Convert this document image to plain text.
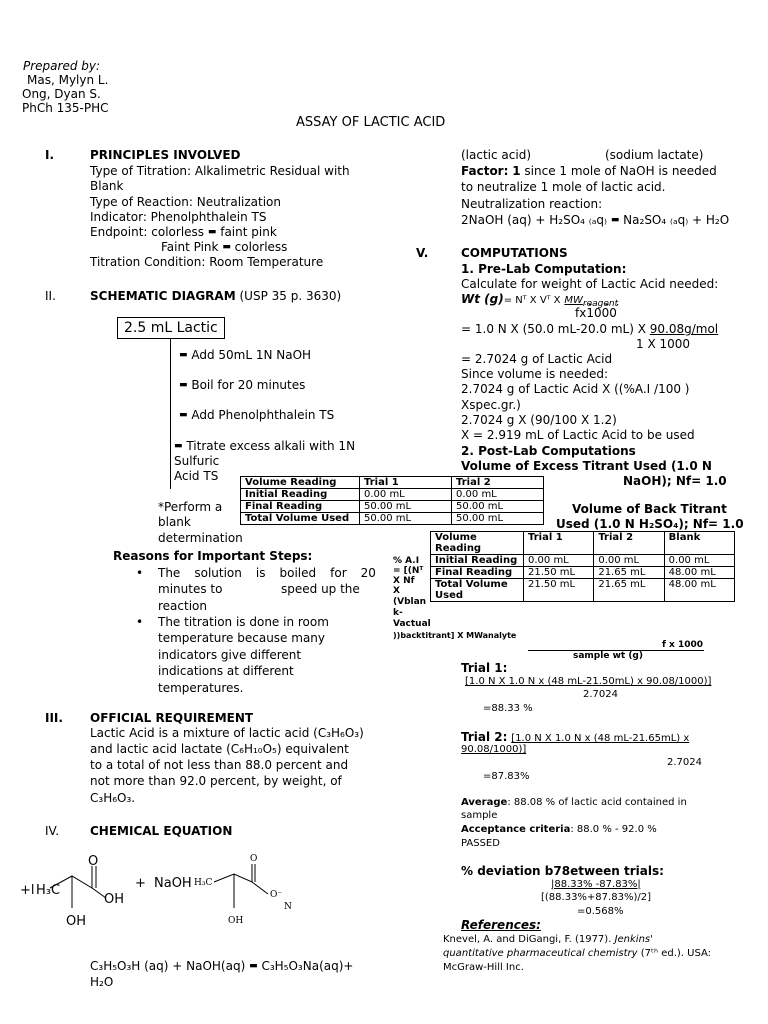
Prepared by:
Mas, Mylyn L.
Ong, Dyan S.
PhCh 135-PHC
ASSAY OF LACTIC ACID
I.	PRINCIPLES INVOLVED
Type of Titration: Alkalimetric Residual with
Blank
Type of Reaction: Neutralization
Indicator: Phenolphthalein TS
Endpoint: colorless ▬ faint pink
Faint Pink ▬ colorless
Titration Condition: Room Temperature
II.	SCHEMATIC DIAGRAM (USP 35 p. 3630)
2.5 mL Lactic
▬ Add 50mL 1N NaOH
▬ Boil for 20 minutes
▬ Add Phenolphthalein TS
▬ Titrate excess alkali with 1N
Sulfuric
Acid TS
*Perform a
blank
determination
Volume Reading	Trial 1	Trial 2
Initial Reading	0.00 mL	0.00 mL
Final Reading	50.00 mL	50.00 mL
Total Volume Used	50.00 mL	50.00 mL
Reasons for Important Steps:
• The solution is boiled for 20
minutes to	speed up the
reaction
• The titration is done in room
temperature because many
indicators give different
indications at different
temperatures.
III. OFFICIAL REQUIREMENT
Lactic Acid is a mixture of lactic acid (C₃H₆O₃)
and lactic acid lactate (C₆H₁₀O₅) equivalent
to a total of not less than 88.0 percent and
not more than 92.0 percent, by weight, of
C₃H₆O₃.
IV.	CHEMICAL EQUATION
+l H₃C
O
OH
OH
+ NaOH H₃C
O
O⁻
N
OH
C₃H₅O₃H (aq) + NaOH(aq) ▬ C₃H₅O₃Na(aq)+
H₂O
(lactic acid)	(sodium lactate)
Factor: 1 since 1 mole of NaOH is needed
to neutralize 1 mole of lactic acid.
Neutralization reaction:
2NaOH (aq) + H₂SO₄ ₍ₐq₎ ▬ Na₂SO₄ ₍ₐq₎ + H₂O
V.	COMPUTATIONS
1. Pre-Lab Computation:
Calculate for weight of Lactic Acid needed:
Wt (g)= Nᵀ X Vᵀ X $MW_{reagent}$
fx1000
= 1.0 N X (50.0 mL-20.0 mL) X 90.08g/mol
1 X 1000
= 2.7024 g of Lactic Acid
Since volume is needed:
2.7024 g of Lactic Acid X ((%A.I /100 )
Xspec.gr.)
2.7024 g X (90/100 X 1.2)
X = 2.919 mL of Lactic Acid to be used
2. Post-Lab Computations
Volume of Excess Titrant Used (1.0 N
NaOH); Nf= 1.0
Volume of Back Titrant
Used (1.0 N H₂SO₄); Nf= 1.0
% A.I
= [(Nᵀ
X Nf
X
(Vblan
k-
Vactual
))backtitrant] X MWanalyte
f x 1000
sample wt (g)
Volume Reading	Trial 1	Trial 2	Blank
Initial Reading	0.00 mL	0.00 mL	0.00 mL
Final Reading	21.50 mL	21.65 mL	48.00 mL
Total Volume Used	21.50 mL	21.65 mL	48.00 mL
Trial 1:
[1.0 N X 1.0 N x (48 mL-21.50mL) x 90.08/1000)]
2.7024
=88.33 %
Trial 2: [1.0 N X 1.0 N x (48 mL-21.65mL) x
90.08/1000)]
2.7024
=87.83%
Average: 88.08 % of lactic acid contained in
sample
Acceptance criteria: 88.0 % - 92.0 %
PASSED
% deviation b78etween trials:
|88.33% -87.83%|
[(88.33%+87.83%)/2]
=0.568%
References:
Knevel, A. and DiGangi, F. (1977). Jenkins'
quantitative pharmaceutical chemistry (7ᵗʰ ed.). USA:
McGraw-Hill Inc.
